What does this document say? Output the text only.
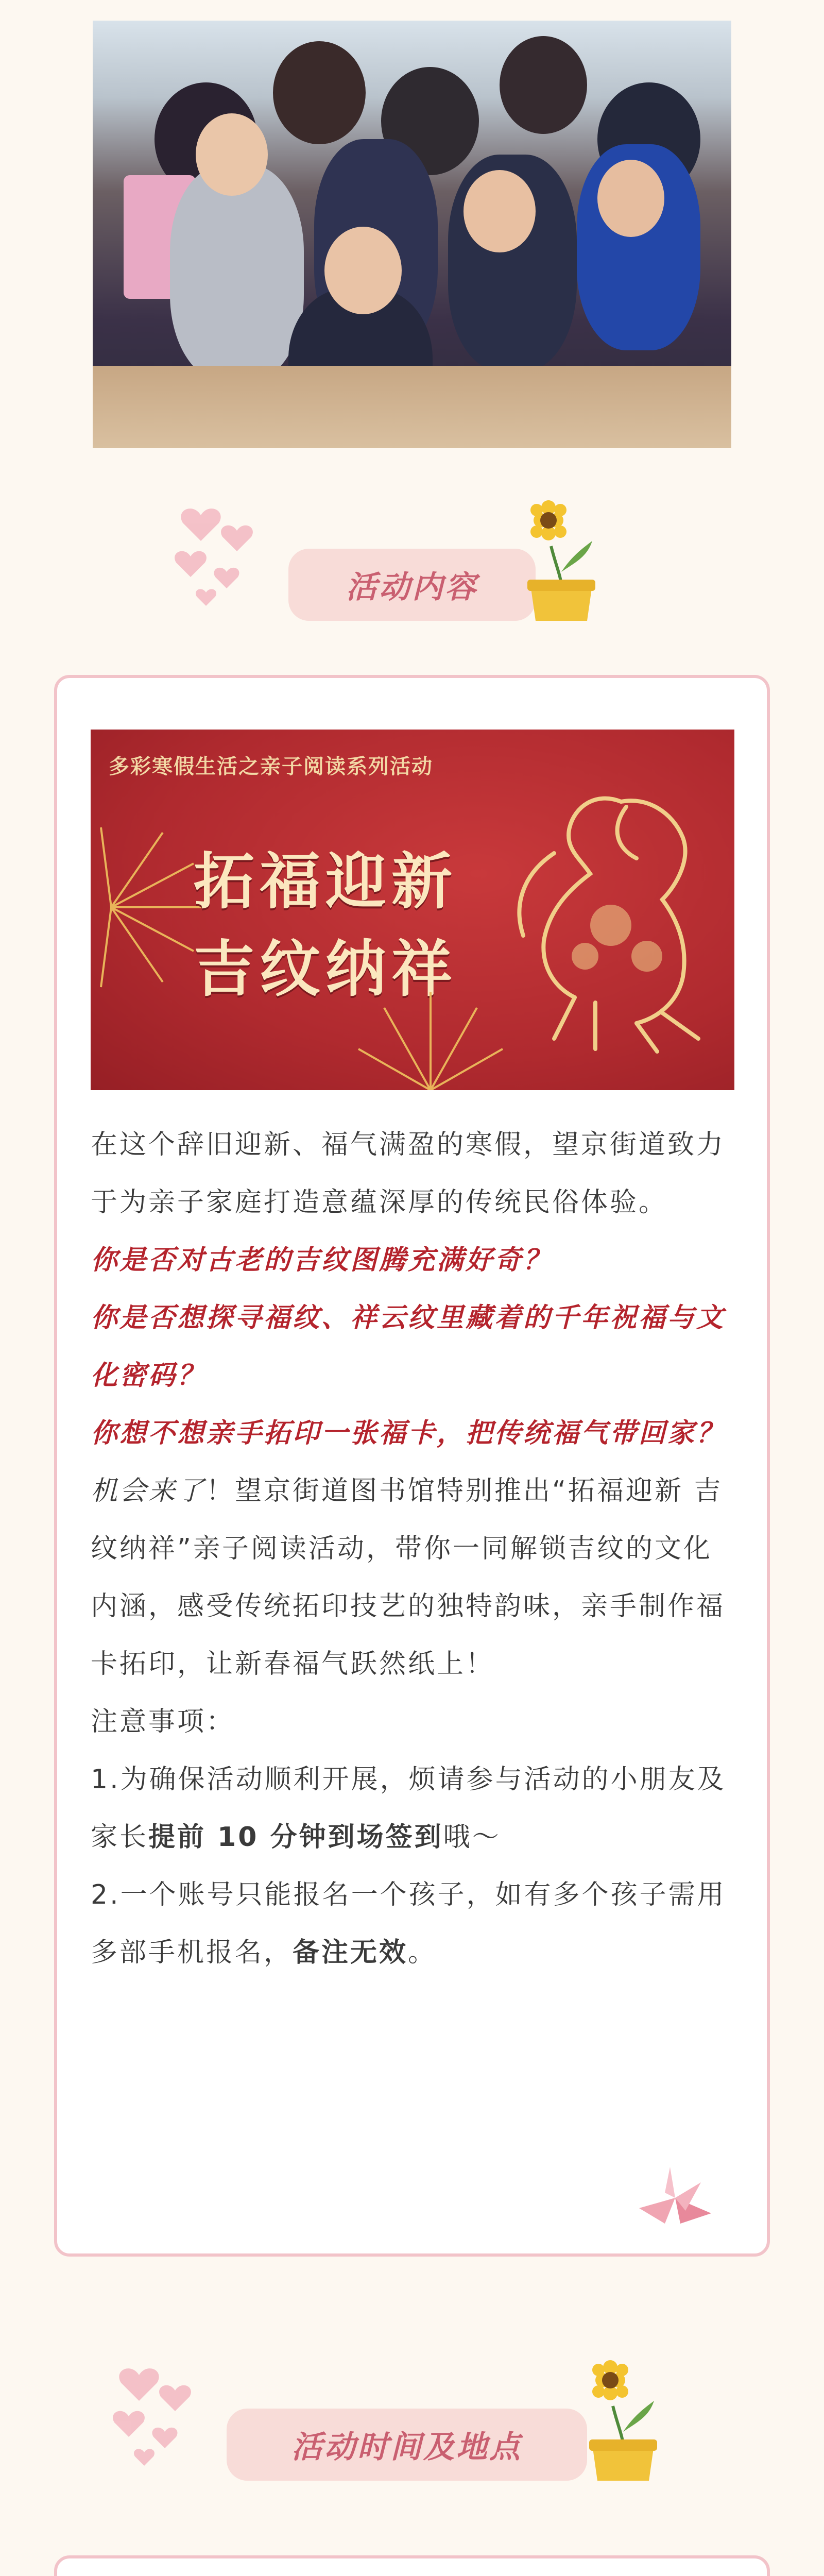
活动内容
多彩寒假生活之亲子阅读系列活动
拓福迎新
吉纹纳祥

在这个辞旧迎新、福气满盈的寒假，望京街道致力于为亲子家庭打造意蕴深厚的传统民俗体验。

你是否对古老的吉纹图腾充满好奇？

你是否想探寻福纹、祥云纹里藏着的千年祝福与文化密码？

你想不想亲手拓印一张福卡，把传统福气带回家？

机会来了！望京街道图书馆特别推出“拓福迎新 吉纹纳祥”亲子阅读活动，带你一同解锁吉纹的文化内涵，感受传统拓印技艺的独特韵味，亲手制作福卡拓印，让新春福气跃然纸上！

注意事项：

1.为确保活动顺利开展，烦请参与活动的小朋友及家长提前 10 分钟到场签到哦～

2.一个账号只能报名一个孩子，如有多个孩子需用多部手机报名，备注无效。

活动时间及地点
